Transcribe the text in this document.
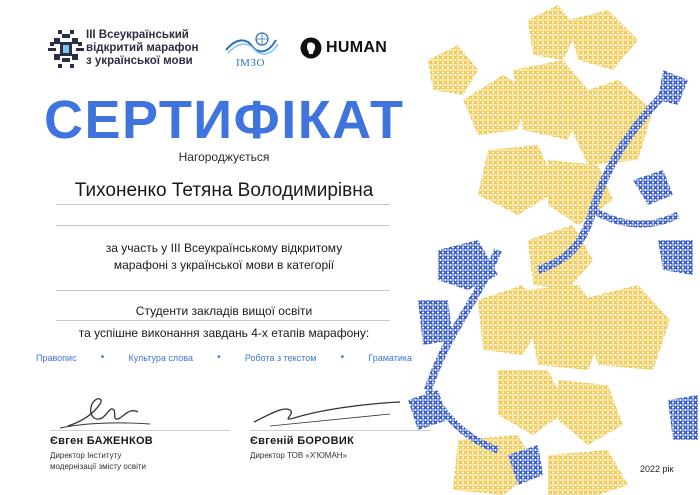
III Всеукраїнський
відкритий марафон
з української мови	ІМЗО
HUMAN
СЕРТИФІКАТ
Нагороджується
Тихоненко Тетяна Володимирівна
за участь у III Всеукраїнському відкритому
марафоні з української мови в категорії
Студенти закладів вищої освіти
та успішне виконання завдань 4-х етапів марафону:
Правопис •	Культура слова •	Робота з текстом •	Граматика
Євген БАЖЕНКОВ
Директор Інституту
модернізації змісту освіти
Євгеній БОРОВИК
Директор ТОВ «Х'ЮМАН»
2022 рік
